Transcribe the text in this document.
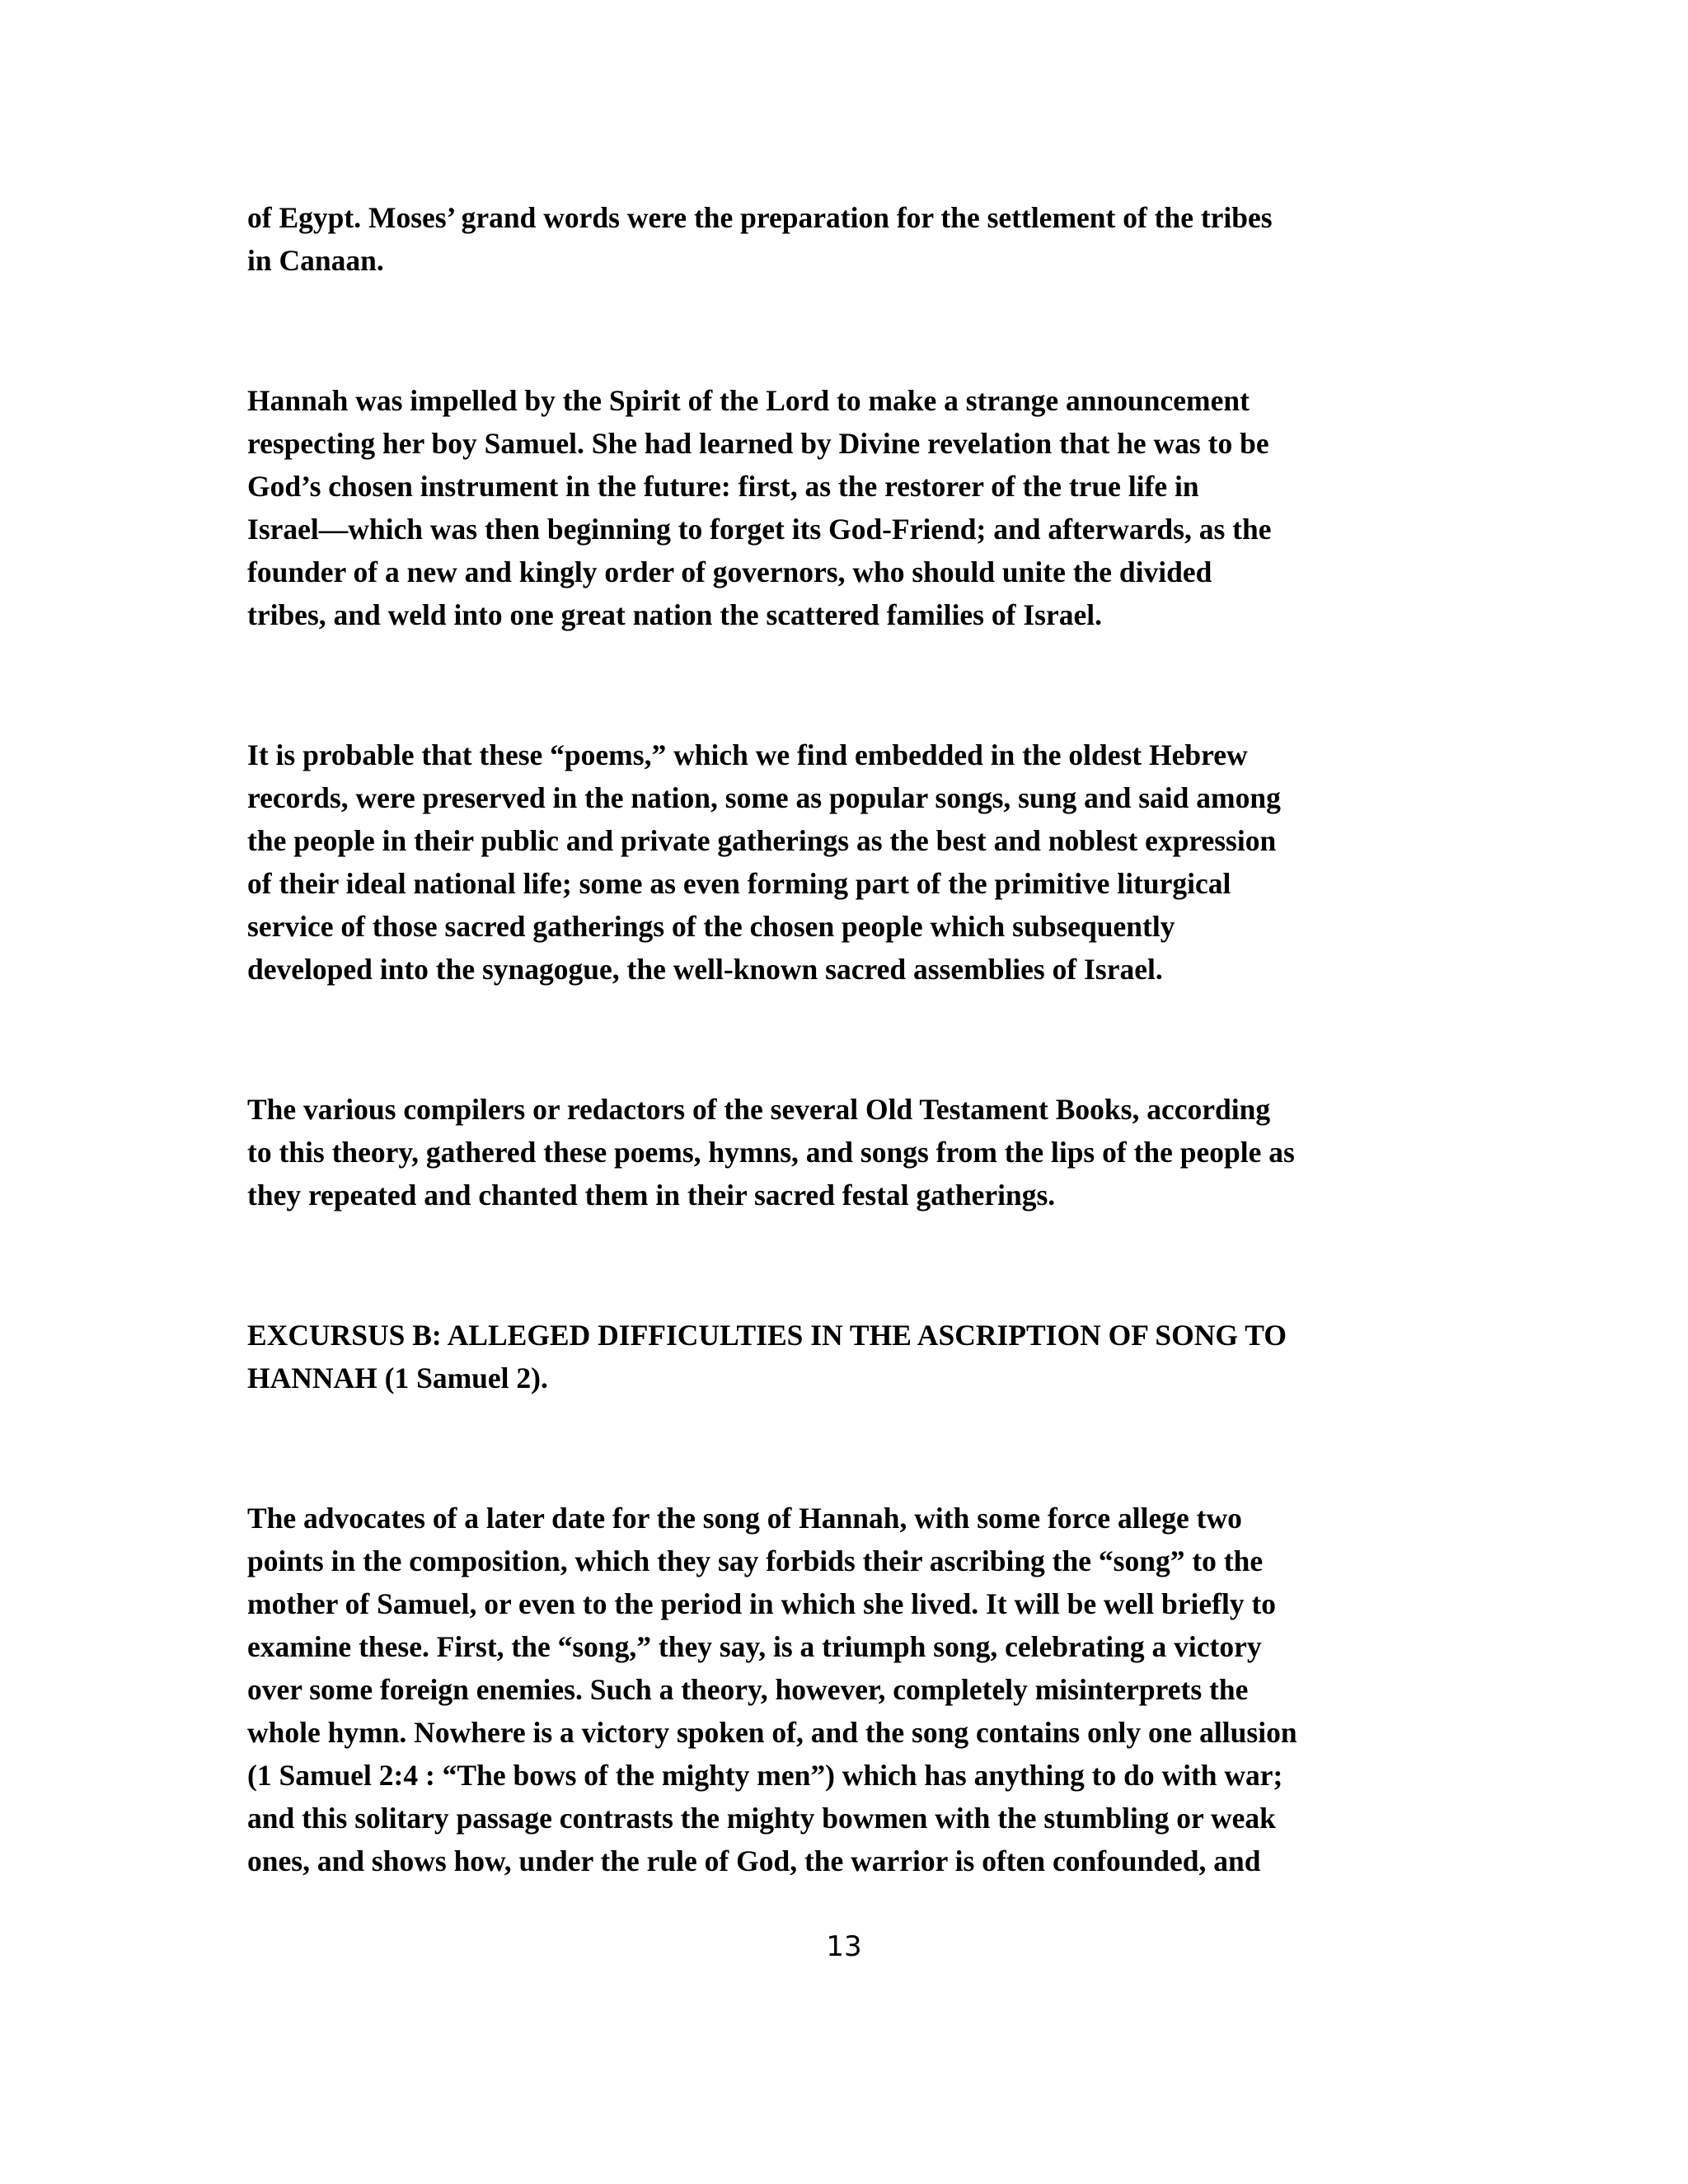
of Egypt. Moses’ grand words were the preparation for the settlement of the tribes
in Canaan.

Hannah was impelled by the Spirit of the Lord to make a strange announcement
respecting her boy Samuel. She had learned by Divine revelation that he was to be
God’s chosen instrument in the future: first, as the restorer of the true life in
Israel—which was then beginning to forget its God-Friend; and afterwards, as the
founder of a new and kingly order of governors, who should unite the divided
tribes, and weld into one great nation the scattered families of Israel.

It is probable that these “poems,” which we find embedded in the oldest Hebrew
records, were preserved in the nation, some as popular songs, sung and said among
the people in their public and private gatherings as the best and noblest expression
of their ideal national life; some as even forming part of the primitive liturgical
service of those sacred gatherings of the chosen people which subsequently
developed into the synagogue, the well-known sacred assemblies of Israel.

The various compilers or redactors of the several Old Testament Books, according
to this theory, gathered these poems, hymns, and songs from the lips of the people as
they repeated and chanted them in their sacred festal gatherings.

EXCURSUS B: ALLEGED DIFFICULTIES IN THE ASCRIPTION OF SONG TO
HANNAH (1 Samuel 2).

The advocates of a later date for the song of Hannah, with some force allege two
points in the composition, which they say forbids their ascribing the “song” to the
mother of Samuel, or even to the period in which she lived. It will be well briefly to
examine these. First, the “song,” they say, is a triumph song, celebrating a victory
over some foreign enemies. Such a theory, however, completely misinterprets the
whole hymn. Nowhere is a victory spoken of, and the song contains only one allusion
(1 Samuel 2:4 : “The bows of the mighty men”) which has anything to do with war;
and this solitary passage contrasts the mighty bowmen with the stumbling or weak
ones, and shows how, under the rule of God, the warrior is often confounded, and

13
